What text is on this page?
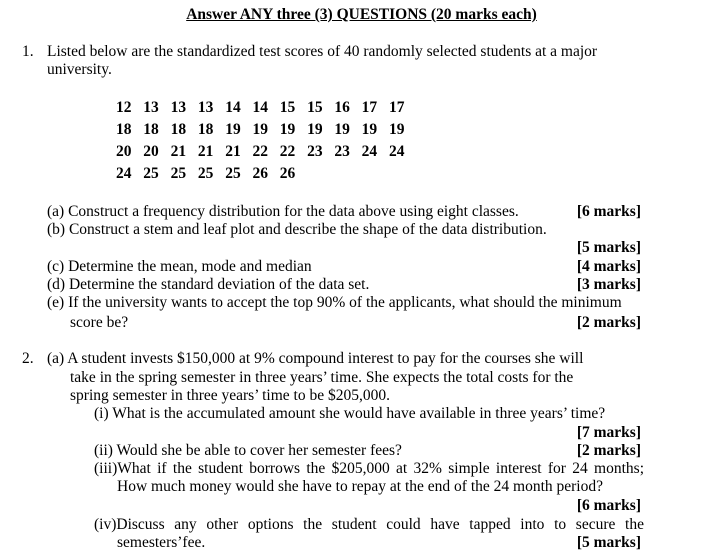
Answer ANY three (3) QUESTIONS (20 marks each)
1. Listed below are the standardized test scores of 40 randomly selected students at a major
university.
12	13	13	13	14	14	15	15	16	17	17
18	18	18	18	19	19	19	19	19	19	19
20	20	21	21	21	22	22	23	23	24	24
24	25	25	25	25	26	26				
(a) Construct a frequency distribution for the data above using eight classes.	[6 marks]
(b) Construct a stem and leaf plot and describe the shape of the data distribution.
[5 marks]
(c) Determine the mean, mode and median	[4 marks]
(d) Determine the standard deviation of the data set.	[3 marks]
(e) If the university wants to accept the top 90% of the applicants, what should the minimum
score be?	[2 marks]
2. (a) A student invests $150,000 at 9% compound interest to pay for the courses she will
take in the spring semester in three years’ time. She expects the total costs for the
spring semester in three years’ time to be $205,000.
(i) What is the accumulated amount she would have available in three years’ time?
[7 marks]
(ii) Would she be able to cover her semester fees?	[2 marks]
(iii)What if the student borrows the $205,000 at 32% simple interest for 24 months;
How much money would she have to repay at the end of the 24 month period?
[6 marks]
(iv)Discuss any other options the student could have tapped into to secure the
semesters’fee.	[5 marks]
